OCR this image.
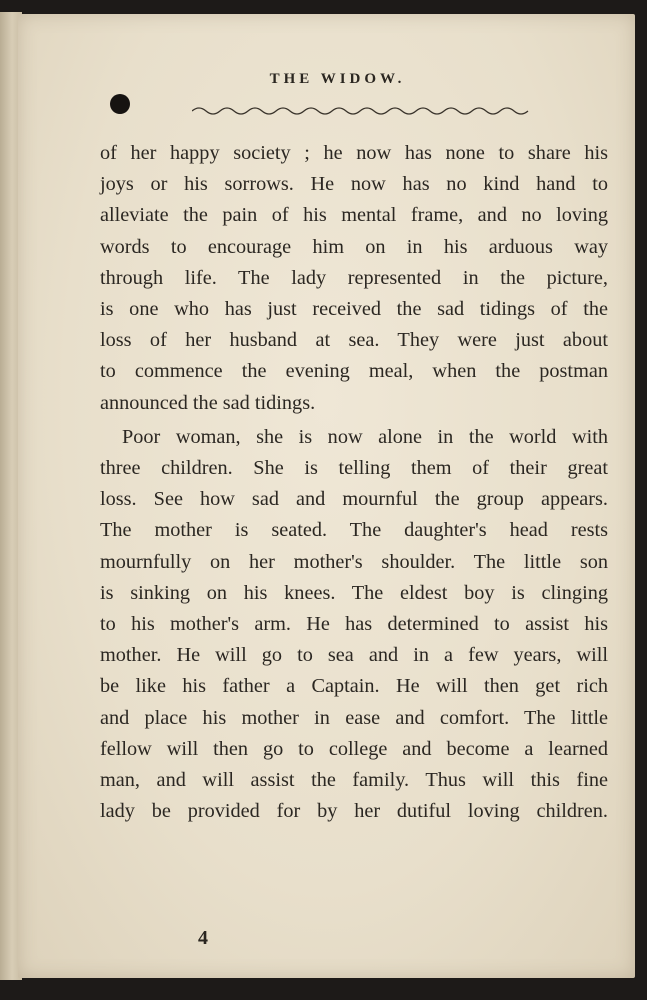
THE WIDOW.
of her happy society ; he now has none to share his
joys or his sorrows. He now has no kind hand to
alleviate the pain of his mental frame, and no loving
words to encourage him on in his arduous way
through life. The lady represented in the picture,
is one who has just received the sad tidings of the
loss of her husband at sea. They were just about
to commence the evening meal, when the postman
announced the sad tidings.
Poor woman, she is now alone in the world with
three children. She is telling them of their great
loss. See how sad and mournful the group appears.
The mother is seated. The daughter's head rests
mournfully on her mother's shoulder. The little son
is sinking on his knees. The eldest boy is clinging
to his mother's arm. He has determined to assist his
mother. He will go to sea and in a few years, will
be like his father a Captain. He will then get rich
and place his mother in ease and comfort. The little
fellow will then go to college and become a learned
man, and will assist the family. Thus will this fine
lady be provided for by her dutiful loving children.
4
